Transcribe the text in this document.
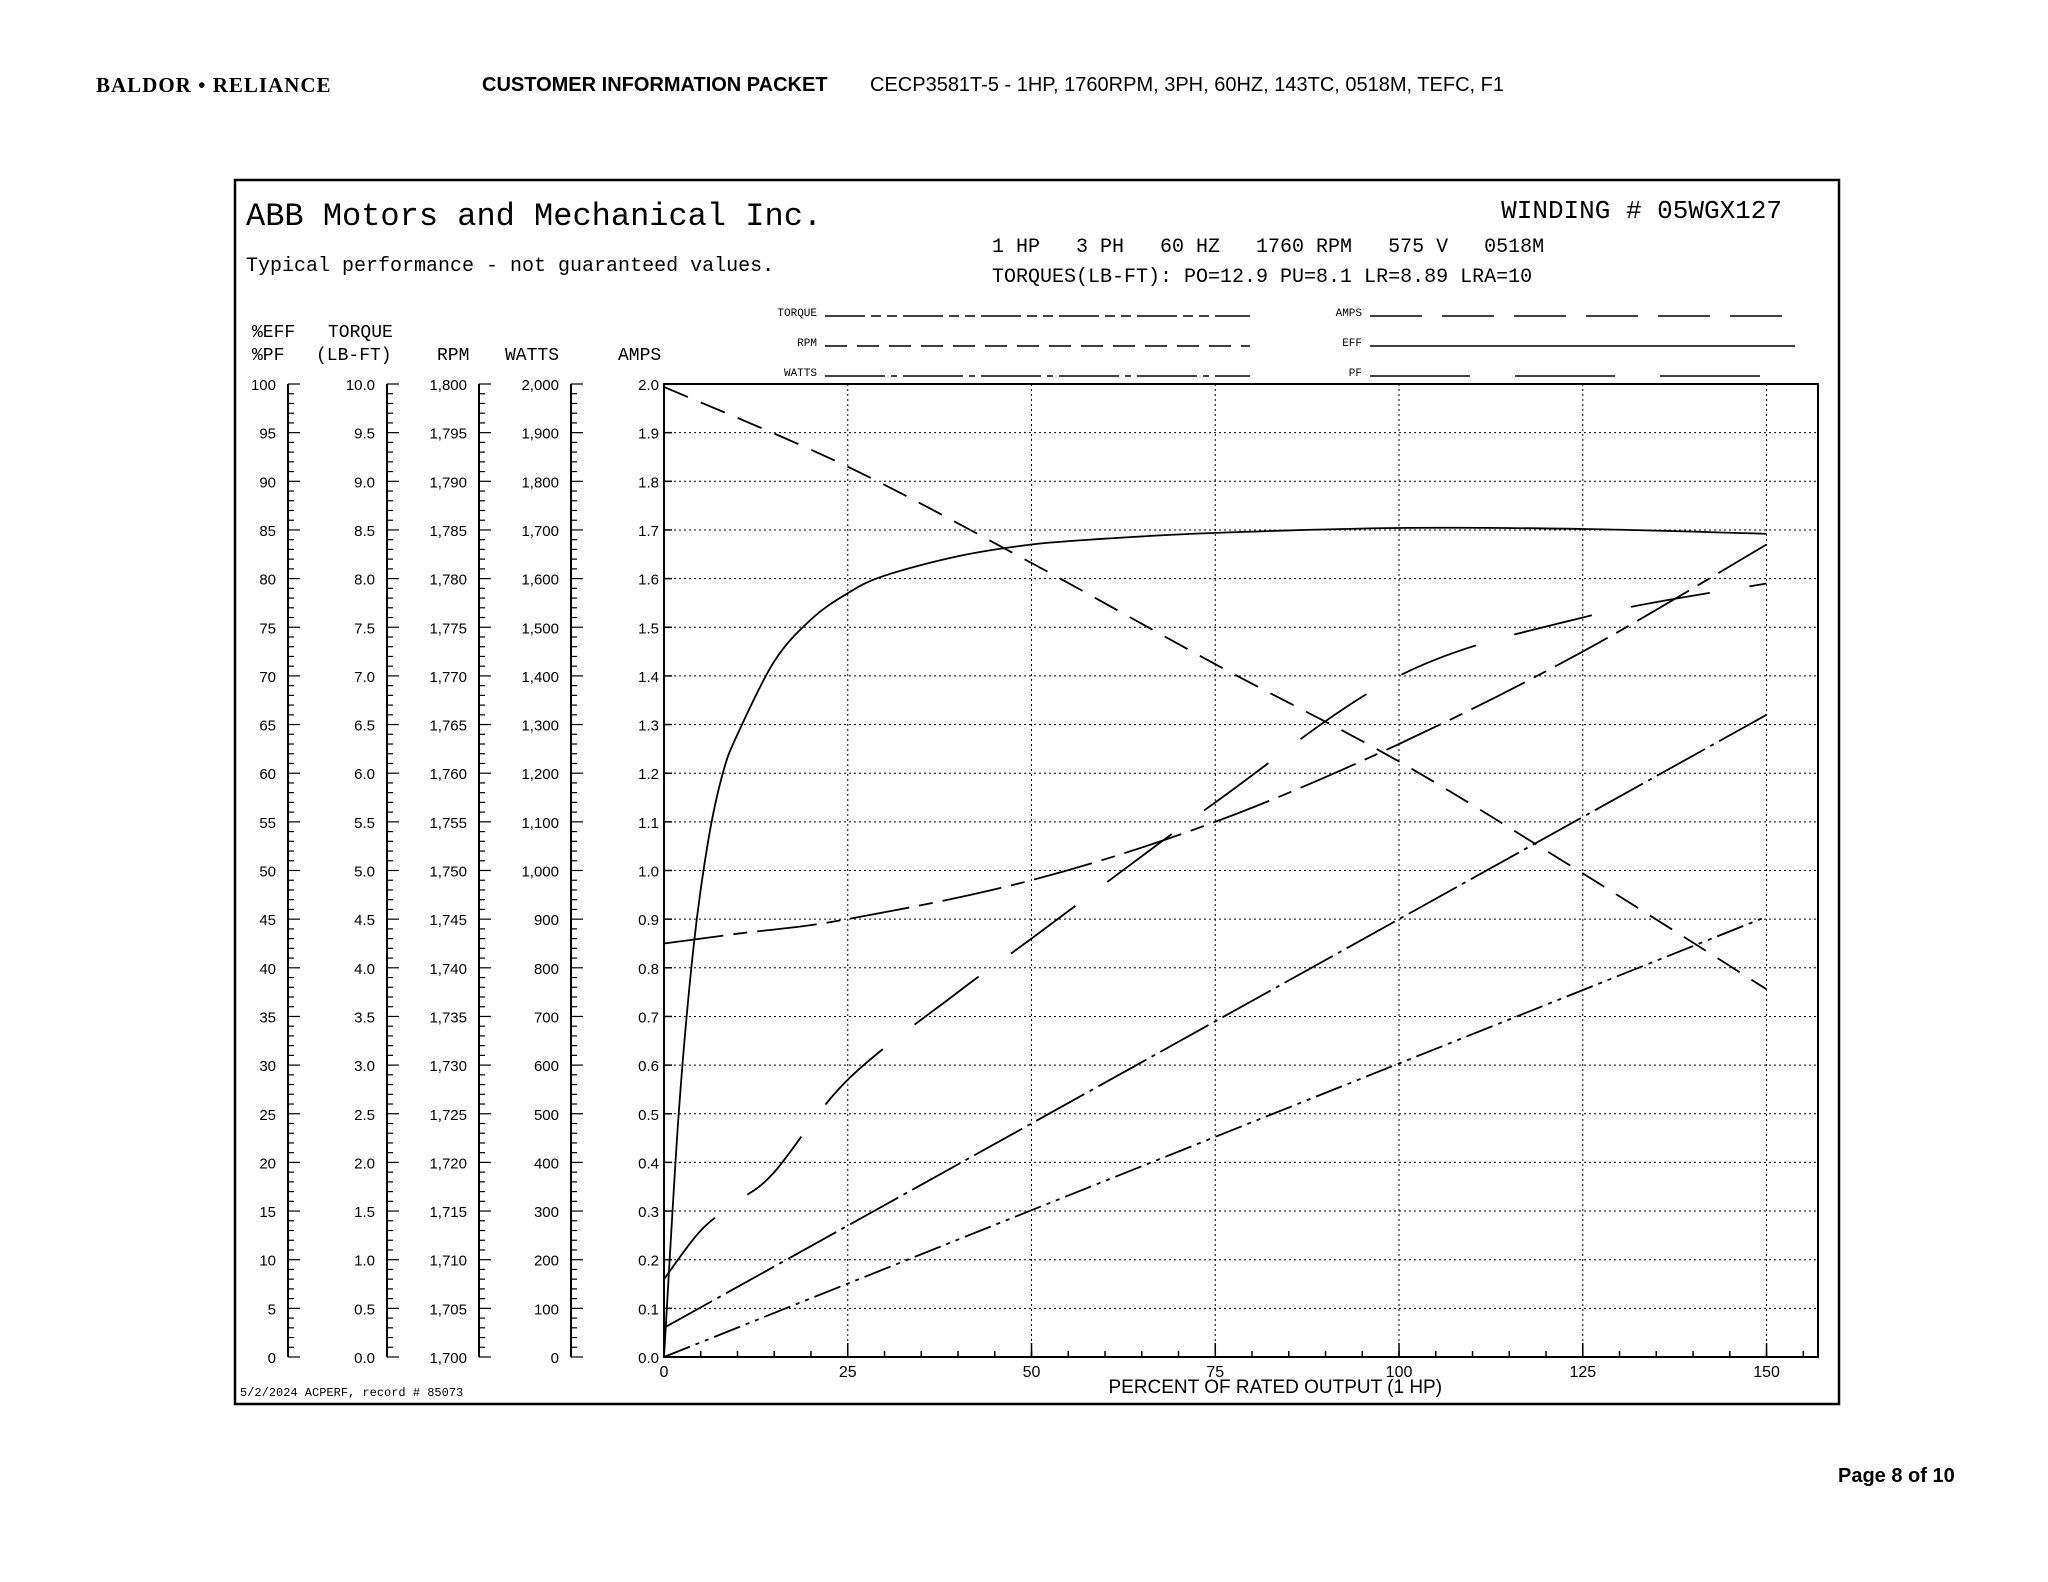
BALDOR • RELIANCE	CUSTOMER INFORMATION PACKET CECP3581T-5 - 1HP, 1760RPM, 3PH, 60HZ, 143TC, 0518M, TEFC, F1
ABB Motors and Mechanical Inc.
Typical performance - not guaranteed values.
WINDING # 05WGX127
1 HP   3 PH   60 HZ   1760 RPM   575 V   0518M
TORQUES(LB-FT): PO=12.9 PU=8.1 LR=8.89 LRA=10
5/2/2024 ACPERF, record # 85073
TORQUE
RPM
WATTS
AMPS
EFF
PF
%EFF
%PF
TORQUE
(LB-FT)	RPM WATTS	AMPS
0
5
10
15
20
25
30
35
40
45
50
55
60
65
70
75
80
85
90
95
100
0.0
0.5
1.0
1.5
2.0
2.5
3.0
3.5
4.0
4.5
5.0
5.5
6.0
6.5
7.0
7.5
8.0
8.5
9.0
9.5
10.0
1,700
1,705
1,710
1,715
1,720
1,725
1,730
1,735
1,740
1,745
1,750
1,755
1,760
1,765
1,770
1,775
1,780
1,785
1,790
1,795
1,800
0
100
200
300
400
500
600
700
800
900
1,000
1,100
1,200
1,300
1,400
1,500
1,600
1,700
1,800
1,900
2,000
0.0
0.1
0.2
0.3
0.4
0.5
0.6
0.7
0.8
0.9
1.0
1.1
1.2
1.3
1.4
1.5
1.6
1.7
1.8
1.9
2.0
0	25	50	75	100	125	150
PERCENT OF RATED OUTPUT (1 HP)
Page 8 of 10
